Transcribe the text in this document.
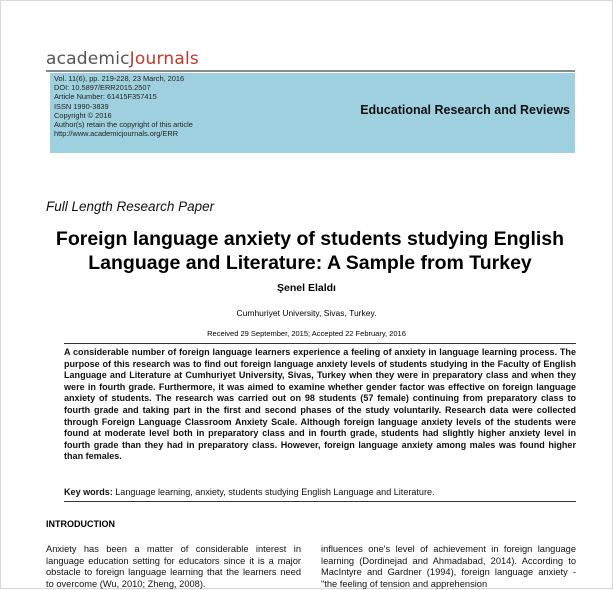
academicJournals
Vol. 11(6), pp. 219-228, 23 March, 2016
DOI: 10.5897/ERR2015.2507
Article Number: 61415F357415
ISSN 1990-3839
Copyright © 2016
Author(s) retain the copyright of this article
http://www.academicjournals.org/ERR
Educational Research and Reviews
Full Length Research Paper
Foreign language anxiety of students studying English Language and Literature: A Sample from Turkey
Şenel Elaldı
Cumhuriyet University, Sivas, Turkey.
Received 29 September, 2015; Accepted 22 February, 2016
A considerable number of foreign language learners experience a feeling of anxiety in language learning process. The purpose of this research was to find out foreign language anxiety levels of students studying in the Faculty of English Language and Literature at Cumhuriyet University, Sivas, Turkey when they were in preparatory class and when they were in fourth grade. Furthermore, it was aimed to examine whether gender factor was effective on foreign language anxiety of students. The research was carried out on 98 students (57 female) continuing from preparatory class to fourth grade and taking part in the first and second phases of the study voluntarily. Research data were collected through Foreign Language Classroom Anxiety Scale. Although foreign language anxiety levels of the students were found at moderate level both in preparatory class and in fourth grade, students had slightly higher anxiety level in fourth grade than they had in preparatory class. However, foreign language anxiety among males was found higher than females.
Key words: Language learning, anxiety, students studying English Language and Literature.
INTRODUCTION
Anxiety has been a matter of considerable interest in language education setting for educators since it is a major obstacle to foreign language learning that the learners need to overcome (Wu, 2010; Zheng, 2008).
influences one's level of achievement in foreign language learning (Dordinejad and Ahmadabad, 2014). According to MacIntyre and Gardner (1994), foreign language anxiety - "the feeling of tension and apprehension
